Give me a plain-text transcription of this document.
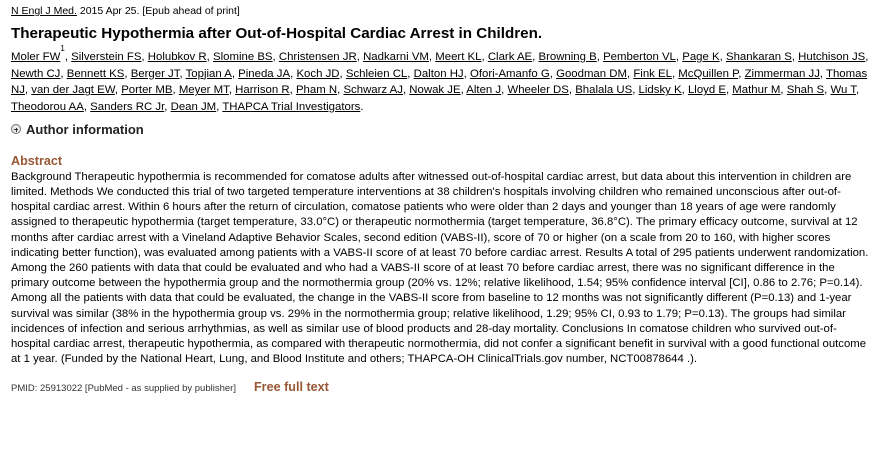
N Engl J Med. 2015 Apr 25. [Epub ahead of print]
Therapeutic Hypothermia after Out-of-Hospital Cardiac Arrest in Children.
Moler $FW^1$, Silverstein FS, Holubkov R, Slomine BS, Christensen JR, Nadkarni VM, Meert KL, Clark AE, Browning B, Pemberton VL, Page K, Shankaran S, Hutchison JS, Newth CJ, Bennett KS, Berger JT, Topjian A, Pineda JA, Koch JD, Schleien CL, Dalton HJ, Ofori-Amanfo G, Goodman DM, Fink EL, McQuillen P, Zimmerman JJ, Thomas NJ, van der Jagt EW, Porter MB, Meyer MT, Harrison R, Pham N, Schwarz AJ, Nowak JE, Alten J, Wheeler DS, Bhalala US, Lidsky K, Lloyd E, Mathur M, Shah S, Wu T, Theodorou AA, Sanders RC Jr, Dean JM, THAPCA Trial Investigators.
Author information
Abstract
Background Therapeutic hypothermia is recommended for comatose adults after witnessed out-of-hospital cardiac arrest, but data about this intervention in children are limited. Methods We conducted this trial of two targeted temperature interventions at 38 children's hospitals involving children who remained unconscious after out-of-hospital cardiac arrest. Within 6 hours after the return of circulation, comatose patients who were older than 2 days and younger than 18 years of age were randomly assigned to therapeutic hypothermia (target temperature, 33.0°C) or therapeutic normothermia (target temperature, 36.8°C). The primary efficacy outcome, survival at 12 months after cardiac arrest with a Vineland Adaptive Behavior Scales, second edition (VABS-II), score of 70 or higher (on a scale from 20 to 160, with higher scores indicating better function), was evaluated among patients with a VABS-II score of at least 70 before cardiac arrest. Results A total of 295 patients underwent randomization. Among the 260 patients with data that could be evaluated and who had a VABS-II score of at least 70 before cardiac arrest, there was no significant difference in the primary outcome between the hypothermia group and the normothermia group (20% vs. 12%; relative likelihood, 1.54; 95% confidence interval [CI], 0.86 to 2.76; P=0.14). Among all the patients with data that could be evaluated, the change in the VABS-II score from baseline to 12 months was not significantly different (P=0.13) and 1-year survival was similar (38% in the hypothermia group vs. 29% in the normothermia group; relative likelihood, 1.29; 95% CI, 0.93 to 1.79; P=0.13). The groups had similar incidences of infection and serious arrhythmias, as well as similar use of blood products and 28-day mortality. Conclusions In comatose children who survived out-of-hospital cardiac arrest, therapeutic hypothermia, as compared with therapeutic normothermia, did not confer a significant benefit in survival with a good functional outcome at 1 year. (Funded by the National Heart, Lung, and Blood Institute and others; THAPCA-OH ClinicalTrials.gov number, NCT00878644 .).
PMID: 25913022 [PubMed - as supplied by publisher] Free full text
